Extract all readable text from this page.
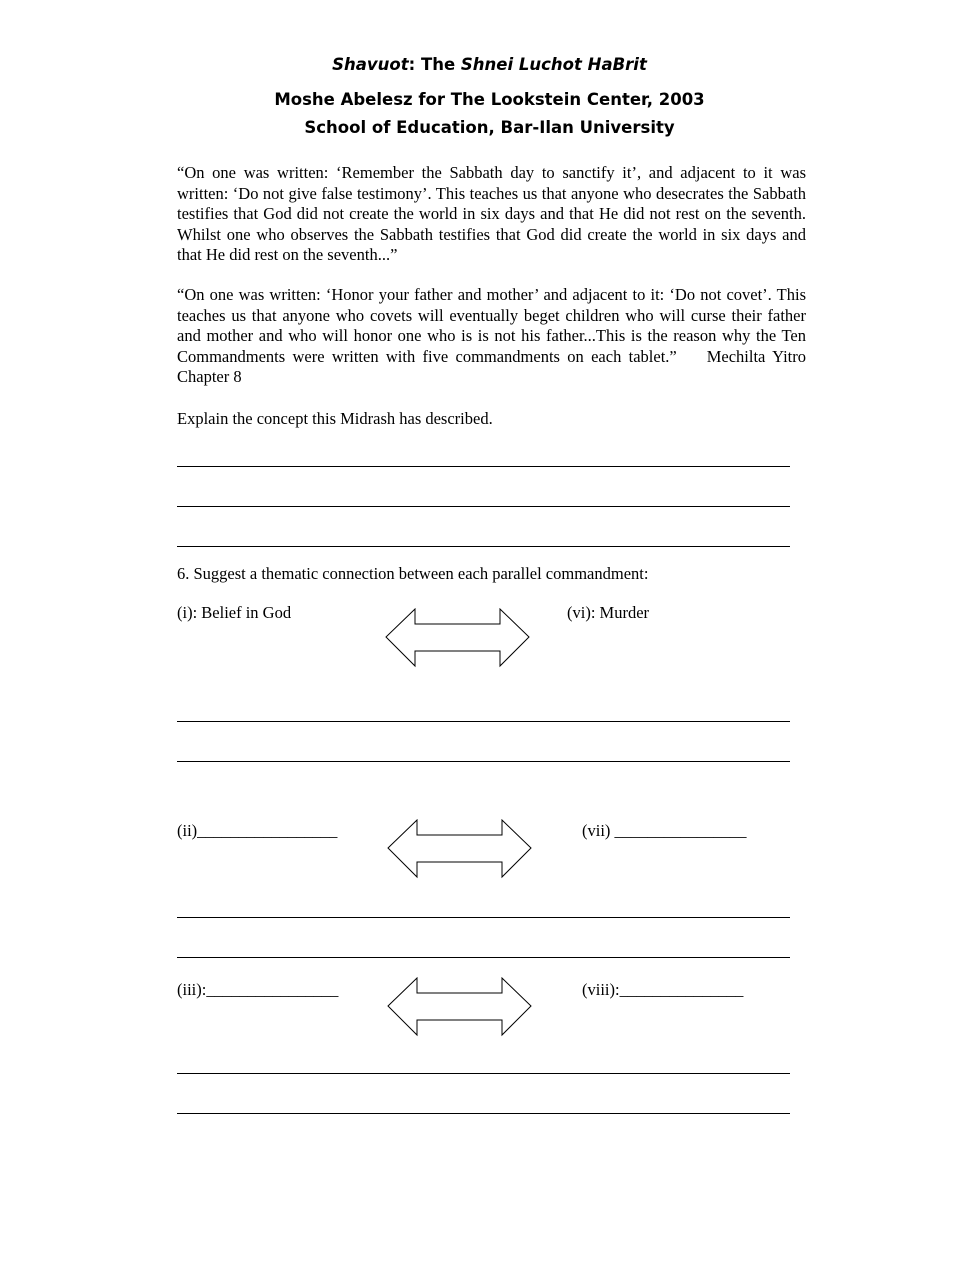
Shavuot: The Shnei Luchot HaBrit
Moshe Abelesz for The Lookstein Center, 2003
School of Education, Bar-Ilan University
“On one was written: ‘Remember the Sabbath day to sanctify it’, and adjacent to it was written: ‘Do not give false testimony’. This teaches us that anyone who desecrates the Sabbath testifies that God did not create the world in six days and that He did not rest on the seventh. Whilst one who observes the Sabbath testifies that God did create the world in six days and that He did rest on the seventh...”
“On one was written: ‘Honor your father and mother’ and adjacent to it: ‘Do not covet’. This teaches us that anyone who covets will eventually beget children who will curse their father and mother and who will honor one who is is not his father...This is the reason why the Ten Commandments were written with five commandments on each tablet.” Mechilta Yitro Chapter 8
Explain the concept this Midrash has described.
6. Suggest a thematic connection between each parallel commandment:
(i): Belief in God	(vi): Murder
(ii)_________________	(vii) ________________
(iii):________________	(viii):_______________
